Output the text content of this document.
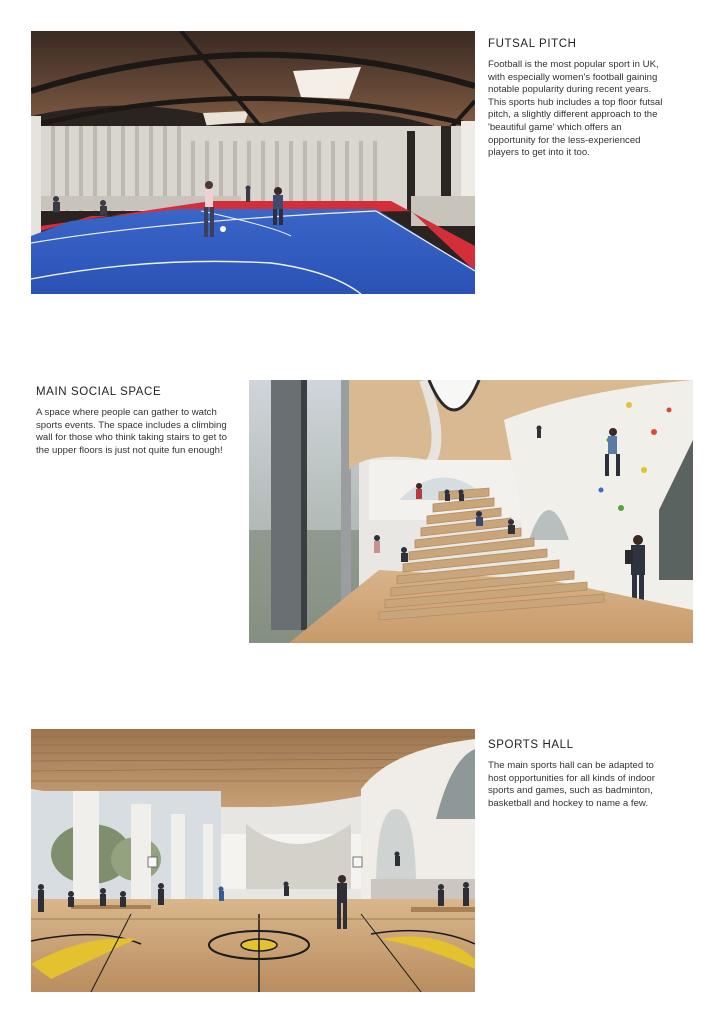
FUTSAL PITCH

Football is the most popular sport in UK, with especially women's football gaining notable popularity during recent years. This sports hub includes a top floor futsal pitch, a slightly different approach to the 'beautiful game' which offers an opportunity for the less-experienced players to get into it too.

MAIN SOCIAL SPACE

A space where people can gather to watch sports events. The space includes a climbing wall for those who think taking stairs to get to the upper floors is just not quite fun enough!

SPORTS HALL

The main sports hall can be adapted to host opportunities for all kinds of indoor sports and games, such as badminton, basketball and hockey to name a few.
